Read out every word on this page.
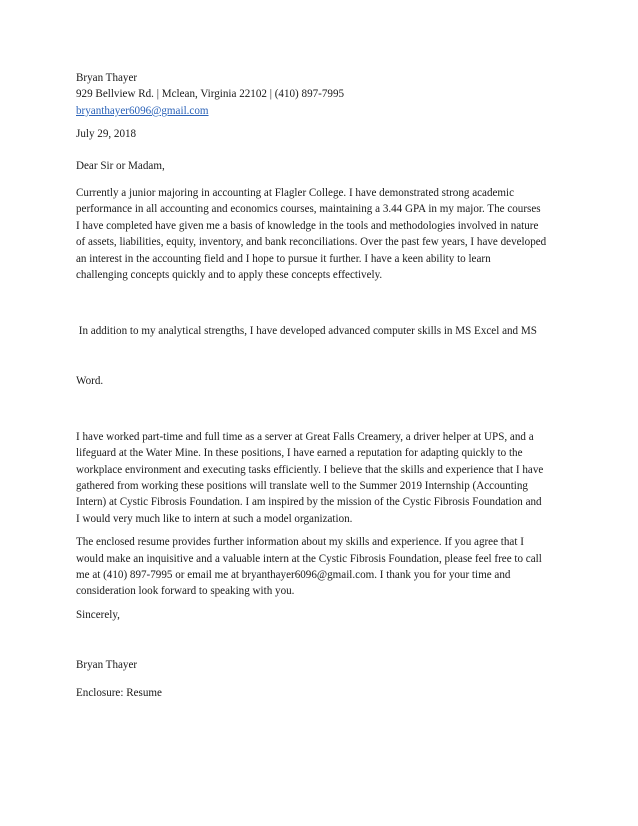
Bryan Thayer
929 Bellview Rd. | Mclean, Virginia 22102 | (410) 897-7995
bryanthayer6096@gmail.com
July 29, 2018
Dear Sir or Madam,
Currently a junior majoring in accounting at Flagler College. I have demonstrated strong academic
performance in all accounting and economics courses, maintaining a 3.44 GPA in my major. The courses
I have completed have given me a basis of knowledge in the tools and methodologies involved in nature
of assets, liabilities, equity, inventory, and bank reconciliations. Over the past few years, I have developed
an interest in the accounting field and I hope to pursue it further. I have a keen ability to learn
challenging concepts quickly and to apply these concepts effectively.

In addition to my analytical strengths, I have developed advanced computer skills in MS Excel and MS

Word.

I have worked part-time and full time as a server at Great Falls Creamery, a driver helper at UPS, and a
lifeguard at the Water Mine. In these positions, I have earned a reputation for adapting quickly to the
workplace environment and executing tasks efficiently. I believe that the skills and experience that I have
gathered from working these positions will translate well to the Summer 2019 Internship (Accounting
Intern) at Cystic Fibrosis Foundation. I am inspired by the mission of the Cystic Fibrosis Foundation and
I would very much like to intern at such a model organization.
The enclosed resume provides further information about my skills and experience. If you agree that I
would make an inquisitive and a valuable intern at the Cystic Fibrosis Foundation, please feel free to call
me at (410) 897-7995 or email me at bryanthayer6096@gmail.com. I thank you for your time and
consideration look forward to speaking with you.
Sincerely,
Bryan Thayer
Enclosure: Resume
